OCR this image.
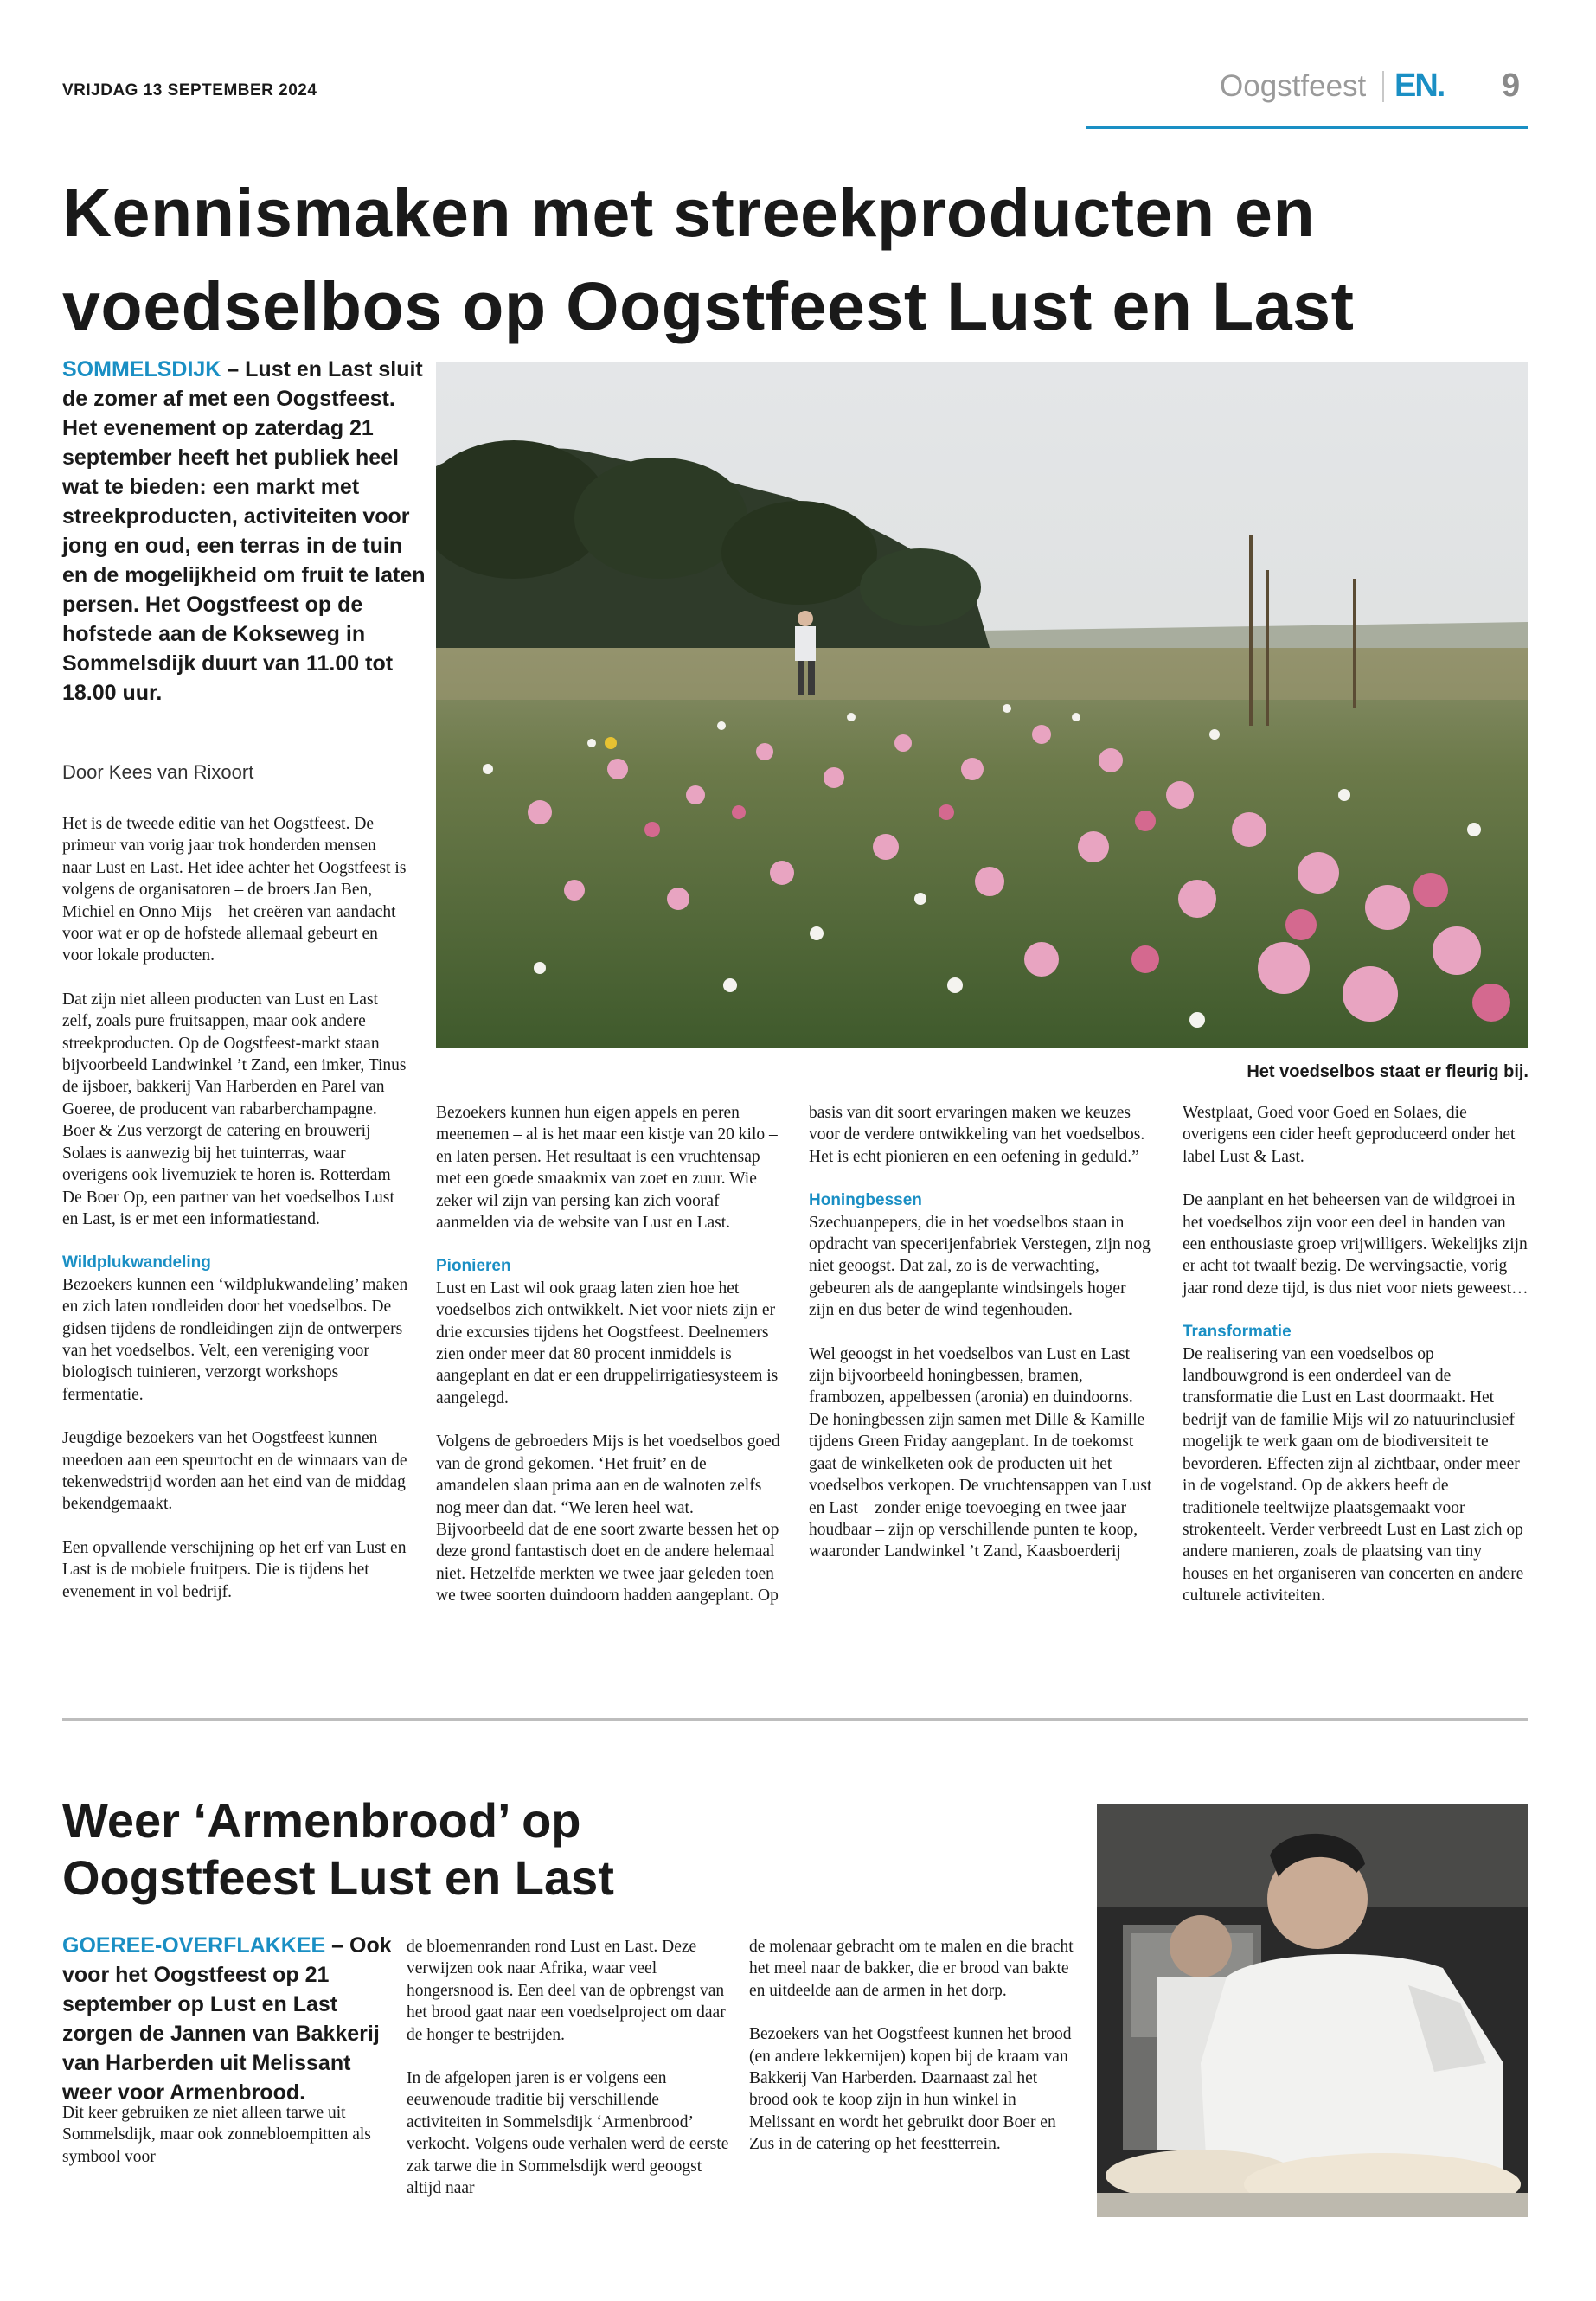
VRIJDAG 13 SEPTEMBER 2024	Oogstfeest EN. 9
Kennismaken met streekproducten en
voedselbos op Oogstfeest Lust en Last
SOMMELSDIJK – Lust en Last sluit de zomer af met een Oogstfeest. Het evenement op zaterdag 21 september heeft het publiek heel wat te bieden: een markt met streekproducten, activiteiten voor jong en oud, een terras in de tuin en de mogelijkheid om fruit te laten persen. Het Oogstfeest op de hofstede aan de Kokseweg in Sommelsdijk duurt van 11.00 tot 18.00 uur.
Door Kees van Rixoort

Het is de tweede editie van het Oogstfeest. De primeur van vorig jaar trok honderden mensen naar Lust en Last. Het idee achter het Oogstfeest is volgens de organisatoren – de broers Jan Ben, Michiel en Onno Mijs – het creëren van aandacht voor wat er op de hofstede allemaal gebeurt en voor lokale producten.

Dat zijn niet alleen producten van Lust en Last zelf, zoals pure fruitsappen, maar ook andere streekproducten. Op de Oogstfeest-markt staan bijvoorbeeld Landwinkel ’t Zand, een imker, Tinus de ijsboer, bakkerij Van Harberden en Parel van Goeree, de producent van rabarberchampagne. Boer & Zus verzorgt de catering en brouwerij Solaes is aanwezig bij het tuinterras, waar overigens ook livemuziek te horen is. Rotterdam De Boer Op, een partner van het voedselbos Lust en Last, is er met een informatiestand.

Wildplukwandeling

Bezoekers kunnen een ‘wildplukwandeling’ maken en zich laten rondleiden door het voedselbos. De gidsen tijdens de rondleidingen zijn de ontwerpers van het voedselbos. Velt, een vereniging voor biologisch tuinieren, verzorgt workshops fermentatie.

Jeugdige bezoekers van het Oogstfeest kunnen meedoen aan een speurtocht en de winnaars van de tekenwedstrijd worden aan het eind van de middag bekendgemaakt.

Een opvallende verschijning op het erf van Lust en Last is de mobiele fruitpers. Die is tijdens het evenement in vol bedrijf.

Het voedselbos staat er fleurig bij.

Bezoekers kunnen hun eigen appels en peren meenemen – al is het maar een kistje van 20 kilo – en laten persen. Het resultaat is een vruchtensap met een goede smaakmix van zoet en zuur. Wie zeker wil zijn van persing kan zich vooraf aanmelden via de website van Lust en Last.

Pionieren

Lust en Last wil ook graag laten zien hoe het voedselbos zich ontwikkelt. Niet voor niets zijn er drie excursies tijdens het Oogstfeest. Deelnemers zien onder meer dat 80 procent inmiddels is aangeplant en dat er een druppelirrigatiesysteem is aangelegd.

Volgens de gebroeders Mijs is het voedselbos goed van de grond gekomen. ‘Het fruit’ en de amandelen slaan prima aan en de walnoten zelfs nog meer dan dat. “We leren heel wat. Bijvoorbeeld dat de ene soort zwarte bessen het op deze grond fantastisch doet en de andere helemaal niet. Hetzelfde merkten we twee jaar geleden toen we twee soorten duindoorn hadden aangeplant. Op

basis van dit soort ervaringen maken we keuzes voor de verdere ontwikkeling van het voedselbos. Het is echt pionieren en een oefening in geduld.”

Honingbessen

Szechuanpepers, die in het voedselbos staan in opdracht van specerijenfabriek Verstegen, zijn nog niet geoogst. Dat zal, zo is de verwachting, gebeuren als de aangeplante windsingels hoger zijn en dus beter de wind tegenhouden.

Wel geoogst in het voedselbos van Lust en Last zijn bijvoorbeeld honingbessen, bramen, frambozen, appelbessen (aronia) en duindoorns. De honingbessen zijn samen met Dille & Kamille tijdens Green Friday aangeplant. In de toekomst gaat de winkelketen ook de producten uit het voedselbos verkopen. De vruchtensappen van Lust en Last – zonder enige toevoeging en twee jaar houdbaar – zijn op verschillende punten te koop, waaronder Landwinkel ’t Zand, Kaasboerderij

Westplaat, Goed voor Goed en Solaes, die overigens een cider heeft geproduceerd onder het label Lust & Last.

De aanplant en het beheersen van de wildgroei in het voedselbos zijn voor een deel in handen van een enthousiaste groep vrijwilligers. Wekelijks zijn er acht tot twaalf bezig. De wervingsactie, vorig jaar rond deze tijd, is dus niet voor niets geweest…

Transformatie

De realisering van een voedselbos op landbouwgrond is een onderdeel van de transformatie die Lust en Last doormaakt. Het bedrijf van de familie Mijs wil zo natuurinclusief mogelijk te werk gaan om de biodiversiteit te bevorderen. Effecten zijn al zichtbaar, onder meer in de vogelstand. Op de akkers heeft de traditionele teeltwijze plaatsgemaakt voor strokenteelt. Verder verbreedt Lust en Last zich op andere manieren, zoals de plaatsing van tiny houses en het organiseren van concerten en andere culturele activiteiten.

Weer ‘Armenbrood’ op
Oogstfeest Lust en Last
GOEREE-OVERFLAKKEE – Ook voor het Oogstfeest op 21 september op Lust en Last zorgen de Jannen van Bakkerij van Harberden uit Melissant weer voor Armenbrood.

Dit keer gebruiken ze niet alleen tarwe uit Sommelsdijk, maar ook zonnebloempitten als symbool voor

de bloemenranden rond Lust en Last. Deze verwijzen ook naar Afrika, waar veel hongersnood is. Een deel van de opbrengst van het brood gaat naar een voedselproject om daar de honger te bestrijden.

In de afgelopen jaren is er volgens een eeuwenoude traditie bij verschillende activiteiten in Sommelsdijk ‘Armenbrood’ verkocht. Volgens oude verhalen werd de eerste zak tarwe die in Sommelsdijk werd geoogst altijd naar

de molenaar gebracht om te malen en die bracht het meel naar de bakker, die er brood van bakte en uitdeelde aan de armen in het dorp.

Bezoekers van het Oogstfeest kunnen het brood (en andere lekkernijen) kopen bij de kraam van Bakkerij Van Harberden. Daarnaast zal het brood ook te koop zijn in hun winkel in Melissant en wordt het gebruikt door Boer en Zus in de catering op het feestterrein.
